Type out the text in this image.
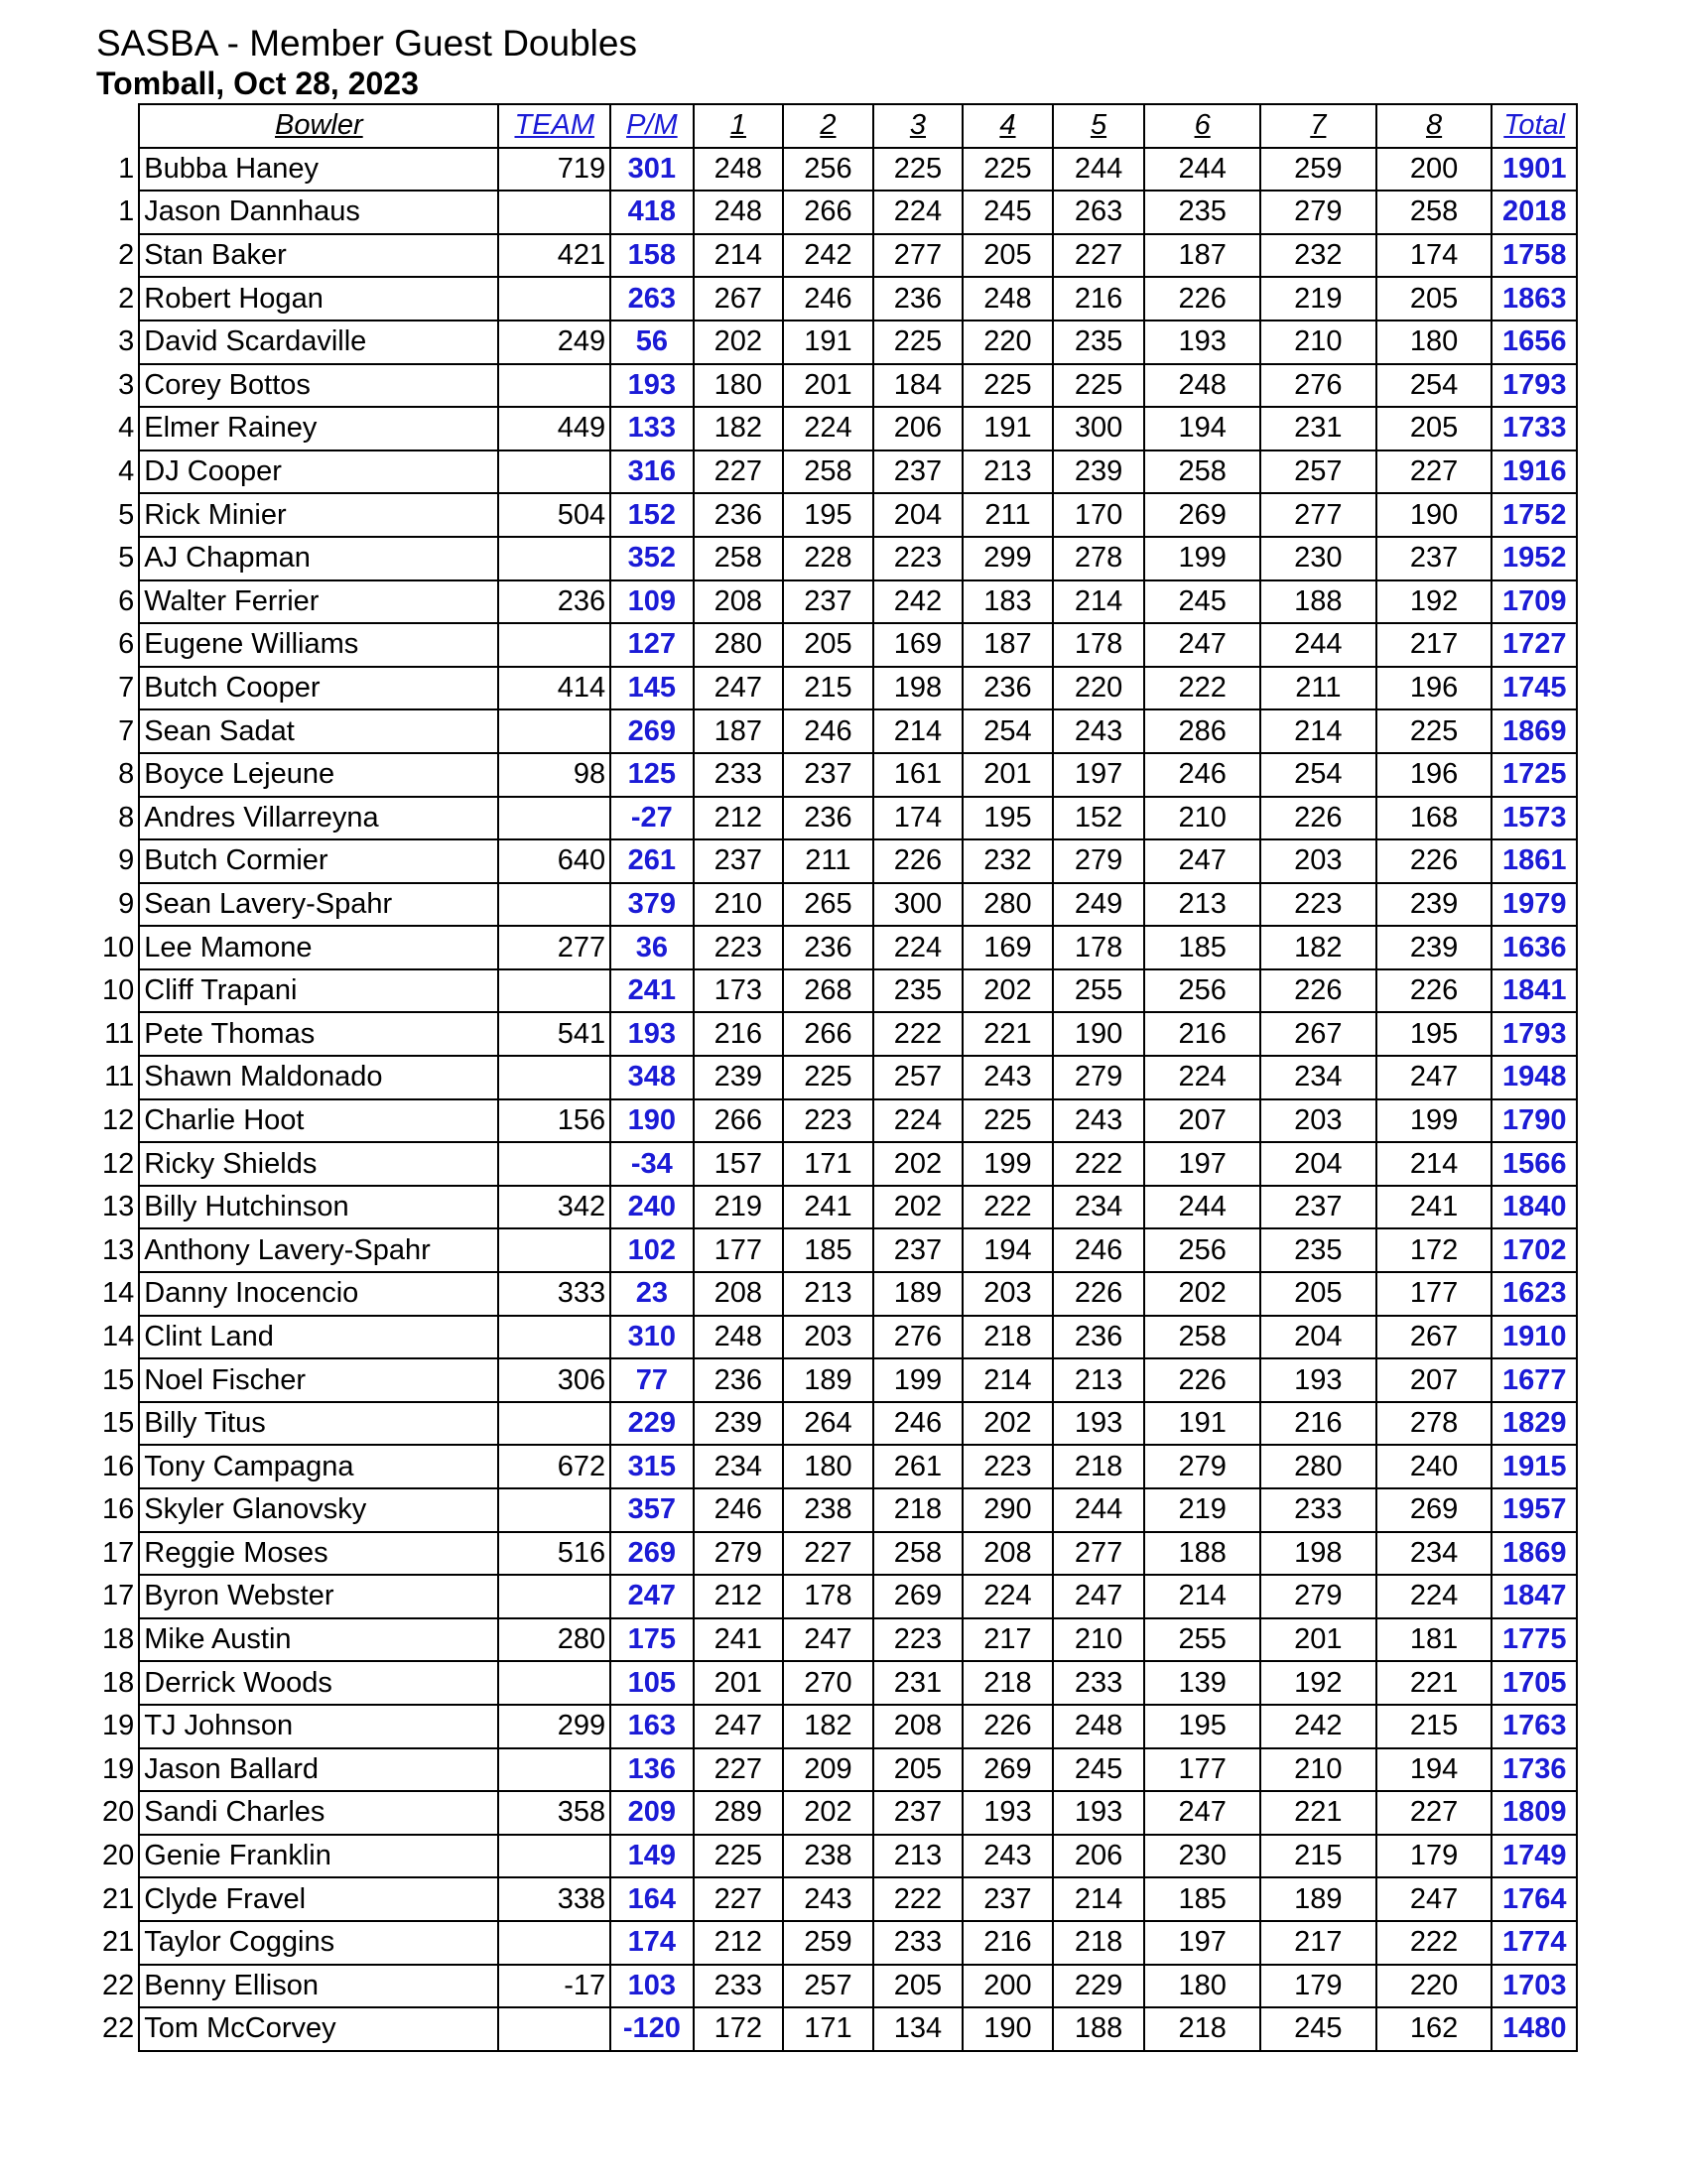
SASBA - Member Guest Doubles
Tomball, Oct 28, 2023
	Bowler	TEAM	P/M	1	2	3	4	5	6	7	8	Total
1	Bubba Haney	719	301	248	256	225	225	244	244	259	200	1901
1	Jason Dannhaus		418	248	266	224	245	263	235	279	258	2018
2	Stan Baker	421	158	214	242	277	205	227	187	232	174	1758
2	Robert Hogan		263	267	246	236	248	216	226	219	205	1863
3	David Scardaville	249	56	202	191	225	220	235	193	210	180	1656
3	Corey Bottos		193	180	201	184	225	225	248	276	254	1793
4	Elmer Rainey	449	133	182	224	206	191	300	194	231	205	1733
4	DJ Cooper		316	227	258	237	213	239	258	257	227	1916
5	Rick Minier	504	152	236	195	204	211	170	269	277	190	1752
5	AJ Chapman		352	258	228	223	299	278	199	230	237	1952
6	Walter Ferrier	236	109	208	237	242	183	214	245	188	192	1709
6	Eugene Williams		127	280	205	169	187	178	247	244	217	1727
7	Butch Cooper	414	145	247	215	198	236	220	222	211	196	1745
7	Sean Sadat		269	187	246	214	254	243	286	214	225	1869
8	Boyce Lejeune	98	125	233	237	161	201	197	246	254	196	1725
8	Andres Villarreyna		-27	212	236	174	195	152	210	226	168	1573
9	Butch Cormier	640	261	237	211	226	232	279	247	203	226	1861
9	Sean Lavery-Spahr		379	210	265	300	280	249	213	223	239	1979
10	Lee Mamone	277	36	223	236	224	169	178	185	182	239	1636
10	Cliff Trapani		241	173	268	235	202	255	256	226	226	1841
11	Pete Thomas	541	193	216	266	222	221	190	216	267	195	1793
11	Shawn Maldonado		348	239	225	257	243	279	224	234	247	1948
12	Charlie Hoot	156	190	266	223	224	225	243	207	203	199	1790
12	Ricky Shields		-34	157	171	202	199	222	197	204	214	1566
13	Billy Hutchinson	342	240	219	241	202	222	234	244	237	241	1840
13	Anthony Lavery-Spahr		102	177	185	237	194	246	256	235	172	1702
14	Danny Inocencio	333	23	208	213	189	203	226	202	205	177	1623
14	Clint Land		310	248	203	276	218	236	258	204	267	1910
15	Noel Fischer	306	77	236	189	199	214	213	226	193	207	1677
15	Billy Titus		229	239	264	246	202	193	191	216	278	1829
16	Tony Campagna	672	315	234	180	261	223	218	279	280	240	1915
16	Skyler Glanovsky		357	246	238	218	290	244	219	233	269	1957
17	Reggie Moses	516	269	279	227	258	208	277	188	198	234	1869
17	Byron Webster		247	212	178	269	224	247	214	279	224	1847
18	Mike Austin	280	175	241	247	223	217	210	255	201	181	1775
18	Derrick Woods		105	201	270	231	218	233	139	192	221	1705
19	TJ Johnson	299	163	247	182	208	226	248	195	242	215	1763
19	Jason Ballard		136	227	209	205	269	245	177	210	194	1736
20	Sandi Charles	358	209	289	202	237	193	193	247	221	227	1809
20	Genie Franklin		149	225	238	213	243	206	230	215	179	1749
21	Clyde Fravel	338	164	227	243	222	237	214	185	189	247	1764
21	Taylor Coggins		174	212	259	233	216	218	197	217	222	1774
22	Benny Ellison	-17	103	233	257	205	200	229	180	179	220	1703
22	Tom McCorvey		-120	172	171	134	190	188	218	245	162	1480
